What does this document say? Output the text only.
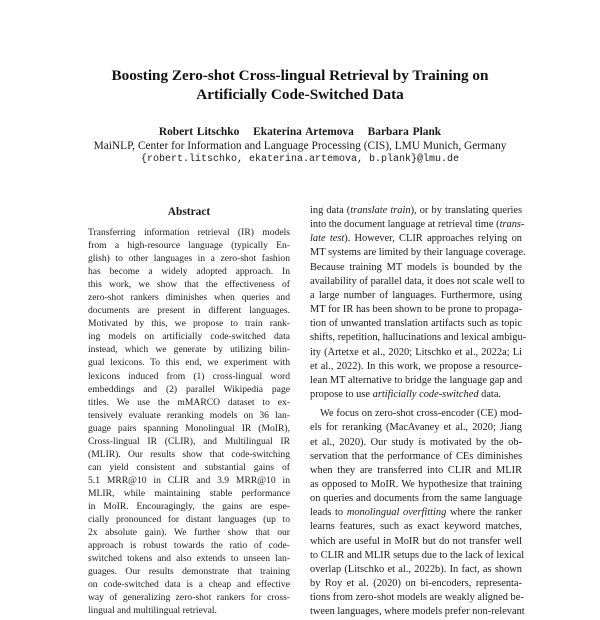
Boosting Zero-shot Cross-lingual Retrieval by Training on
Artificially Code-Switched Data
Robert Litschko Ekaterina Artemova Barbara Plank
MaiNLP, Center for Information and Language Processing (CIS), LMU Munich, Germany
{robert.litschko, ekaterina.artemova, b.plank}@lmu.de
Abstract
Transferring information retrieval (IR) models
from a high-resource language (typically En-
glish) to other languages in a zero-shot fashion
has become a widely adopted approach. In
this work, we show that the effectiveness of
zero-shot rankers diminishes when queries and
documents are present in different languages.
Motivated by this, we propose to train rank-
ing models on artificially code-switched data
instead, which we generate by utilizing bilin-
gual lexicons. To this end, we experiment with
lexicons induced from (1) cross-lingual word
embeddings and (2) parallel Wikipedia page
titles. We use the mMARCO dataset to ex-
tensively evaluate reranking models on 36 lan-
guage pairs spanning Monolingual IR (MoIR),
Cross-lingual IR (CLIR), and Multilingual IR
(MLIR). Our results show that code-switching
can yield consistent and substantial gains of
5.1 MRR@10 in CLIR and 3.9 MRR@10 in
MLIR, while maintaining stable performance
in MoIR. Encouragingly, the gains are espe-
cially pronounced for distant languages (up to
2x absolute gain). We further show that our
approach is robust towards the ratio of code-
switched tokens and also extends to unseen lan-
guages. Our results demonstrate that training
on code-switched data is a cheap and effective
way of generalizing zero-shot rankers for cross-
lingual and multilingual retrieval.
ing data (translate train), or by translating queries
into the document language at retrieval time (trans-
late test). However, CLIR approaches relying on
MT systems are limited by their language coverage.
Because training MT models is bounded by the
availability of parallel data, it does not scale well to
a large number of languages. Furthermore, using
MT for IR has been shown to be prone to propaga-
tion of unwanted translation artifacts such as topic
shifts, repetition, hallucinations and lexical ambigu-
ity (Artetxe et al., 2020; Litschko et al., 2022a; Li
et al., 2022). In this work, we propose a resource-
lean MT alternative to bridge the language gap and
propose to use artificially code-switched data.
We focus on zero-shot cross-encoder (CE) mod-
els for reranking (MacAvaney et al., 2020; Jiang
et al., 2020). Our study is motivated by the ob-
servation that the performance of CEs diminishes
when they are transferred into CLIR and MLIR
as opposed to MoIR. We hypothesize that training
on queries and documents from the same language
leads to monolingual overfitting where the ranker
learns features, such as exact keyword matches,
which are useful in MoIR but do not transfer well
to CLIR and MLIR setups due to the lack of lexical
overlap (Litschko et al., 2022b). In fact, as shown
by Roy et al. (2020) on bi-encoders, representa-
tions from zero-shot models are weakly aligned be-
tween languages, where models prefer non-relevant
